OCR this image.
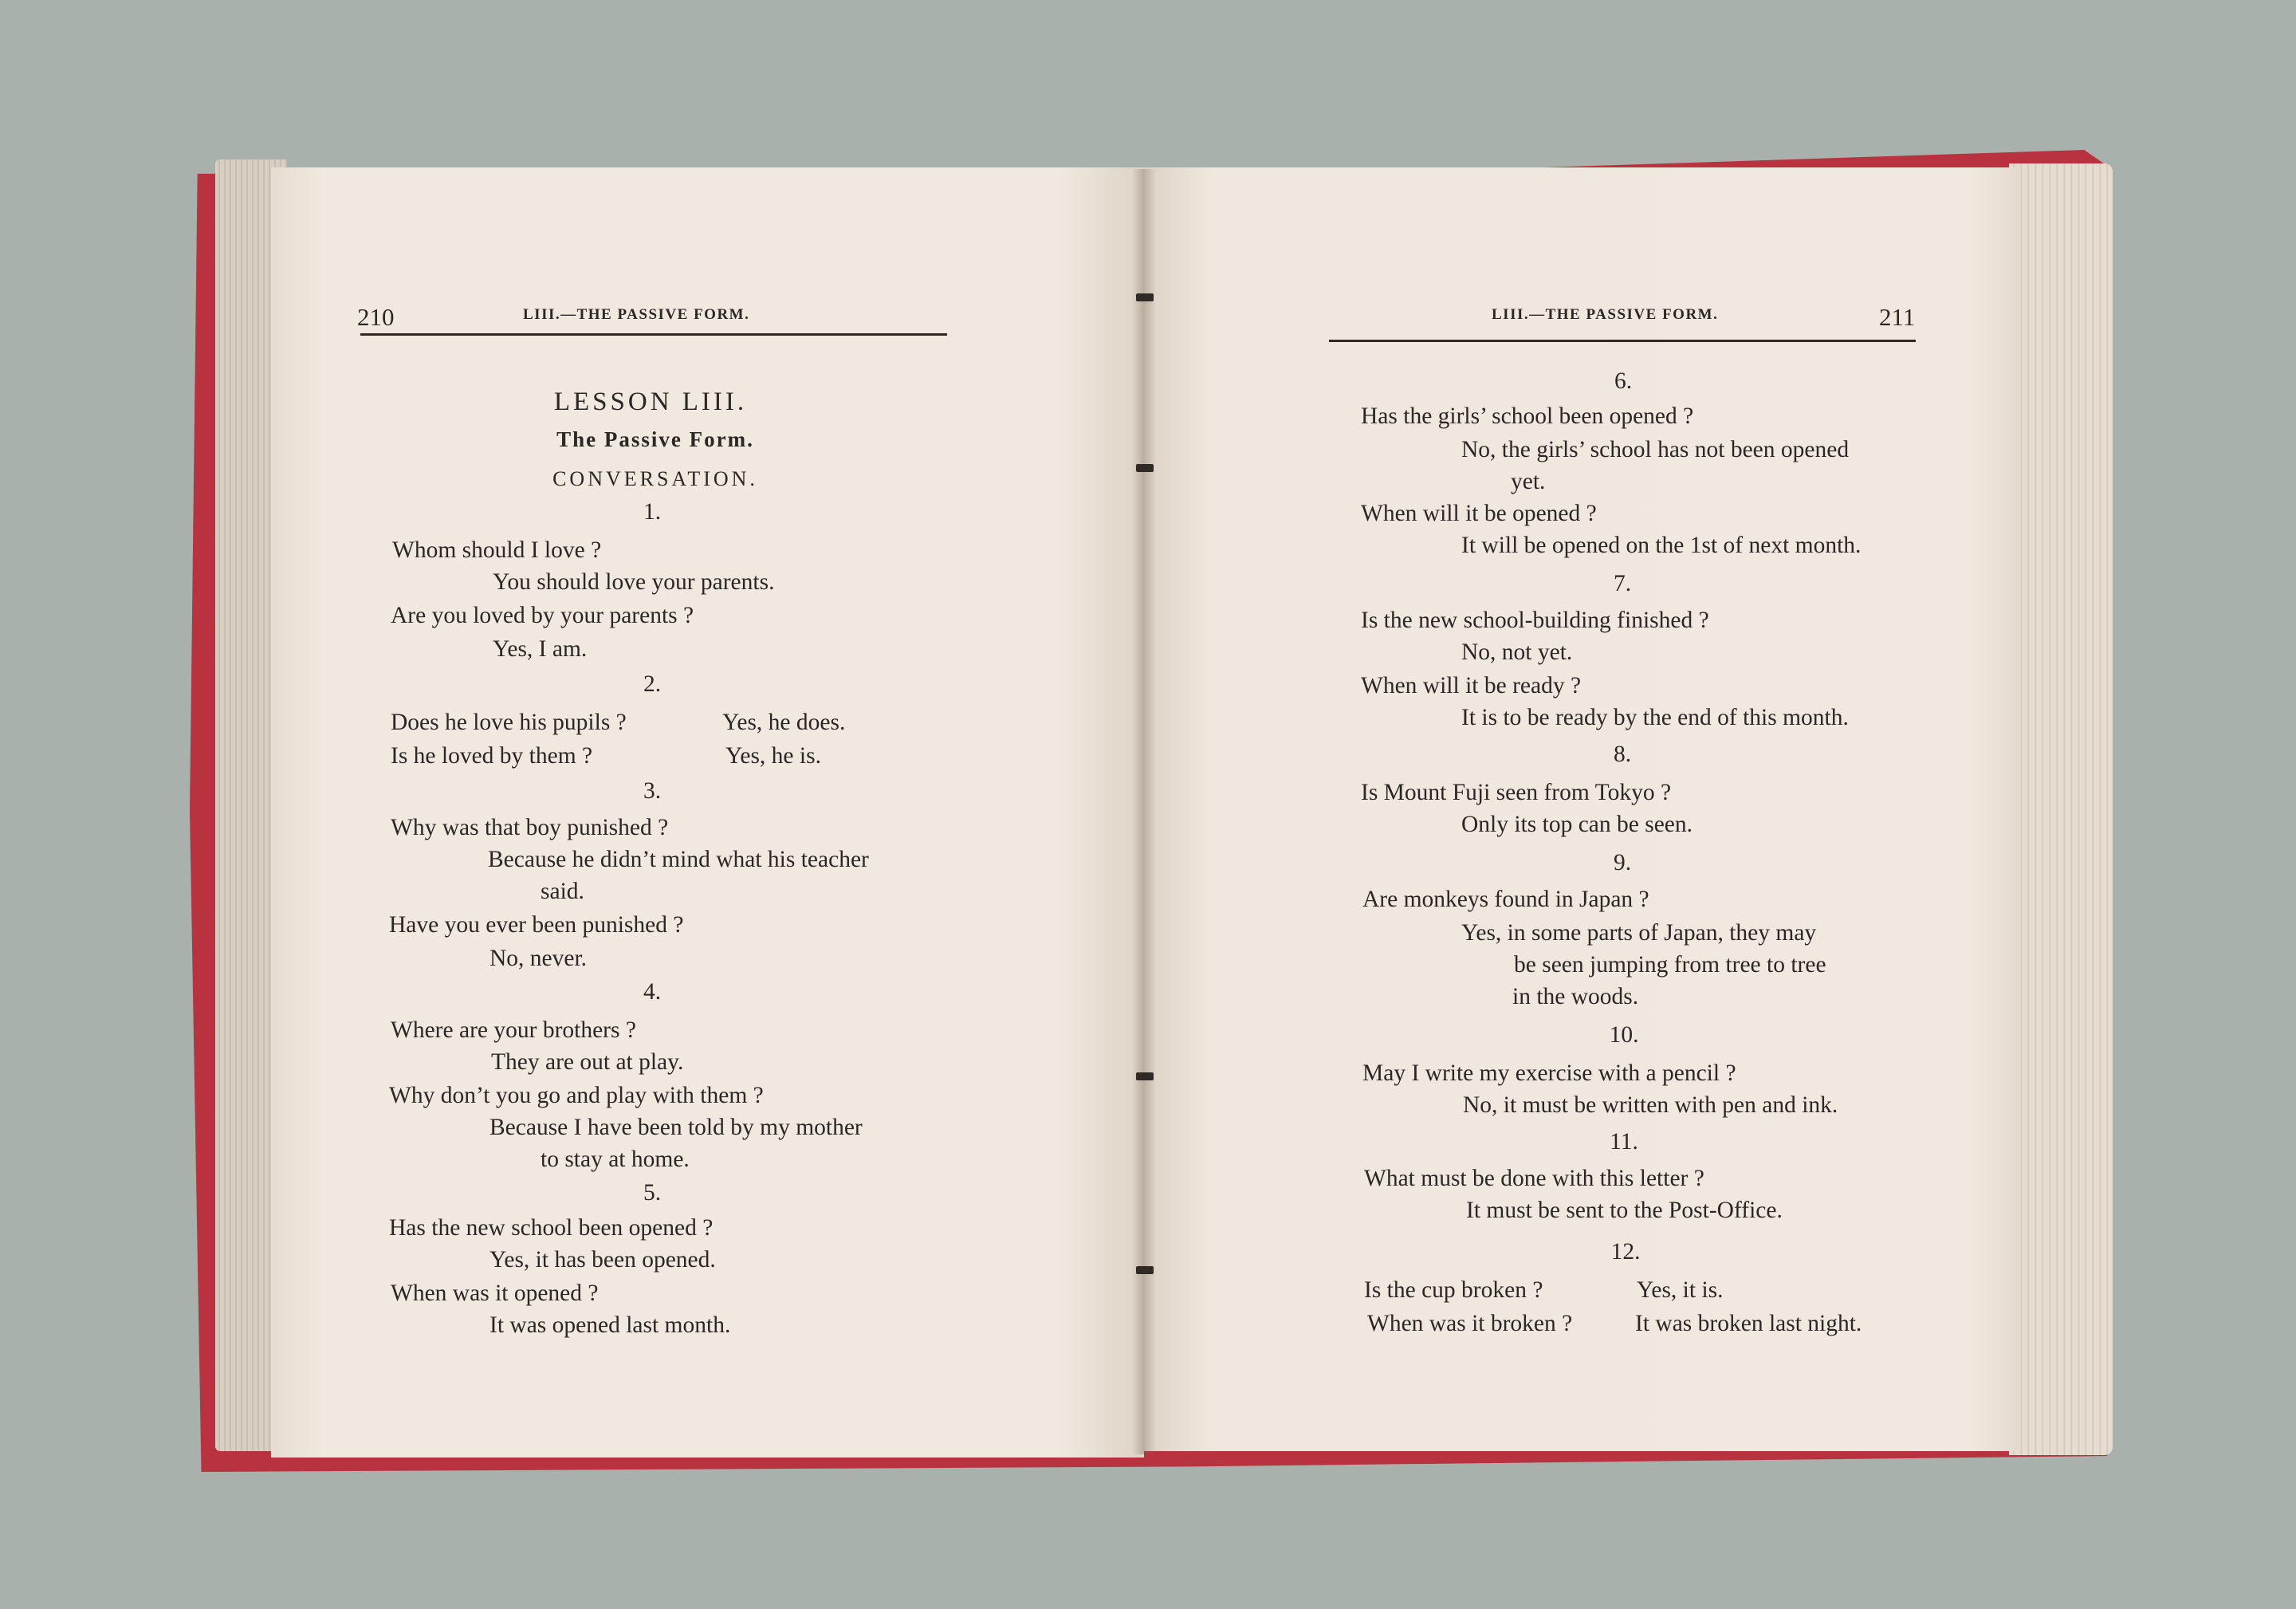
210	LIII.—THE PASSIVE FORM.
LESSON LIII.
The Passive Form.
CONVERSATION.
1.
Whom should I love ?
You should love your parents.
Are you loved by your parents ?
Yes, I am.
2.
Does he love his pupils ?	Yes, he does.
Is he loved by them ?	Yes, he is.
3.
Why was that boy punished ?
Because he didn’t mind what his teacher
said.
Have you ever been punished ?
No, never.
4.
Where are your brothers ?
They are out at play.
Why don’t you go and play with them ?
Because I have been told by my mother
to stay at home.
5.
Has the new school been opened ?
Yes, it has been opened.
When was it opened ?
It was opened last month.
LIII.—THE PASSIVE FORM.	211
6.
Has the girls’ school been opened ?
No, the girls’ school has not been opened
yet.
When will it be opened ?
It will be opened on the 1st of next month.
7.
Is the new school-building finished ?
No, not yet.
When will it be ready ?
It is to be ready by the end of this month.
8.
Is Mount Fuji seen from Tokyo ?
Only its top can be seen.
9.
Are monkeys found in Japan ?
Yes, in some parts of Japan, they may
be seen jumping from tree to tree
in the woods.
10.
May I write my exercise with a pencil ?
No, it must be written with pen and ink.
11.
What must be done with this letter ?
It must be sent to the Post-Office.
12.
Is the cup broken ?	Yes, it is.
When was it broken ?	It was broken last night.
